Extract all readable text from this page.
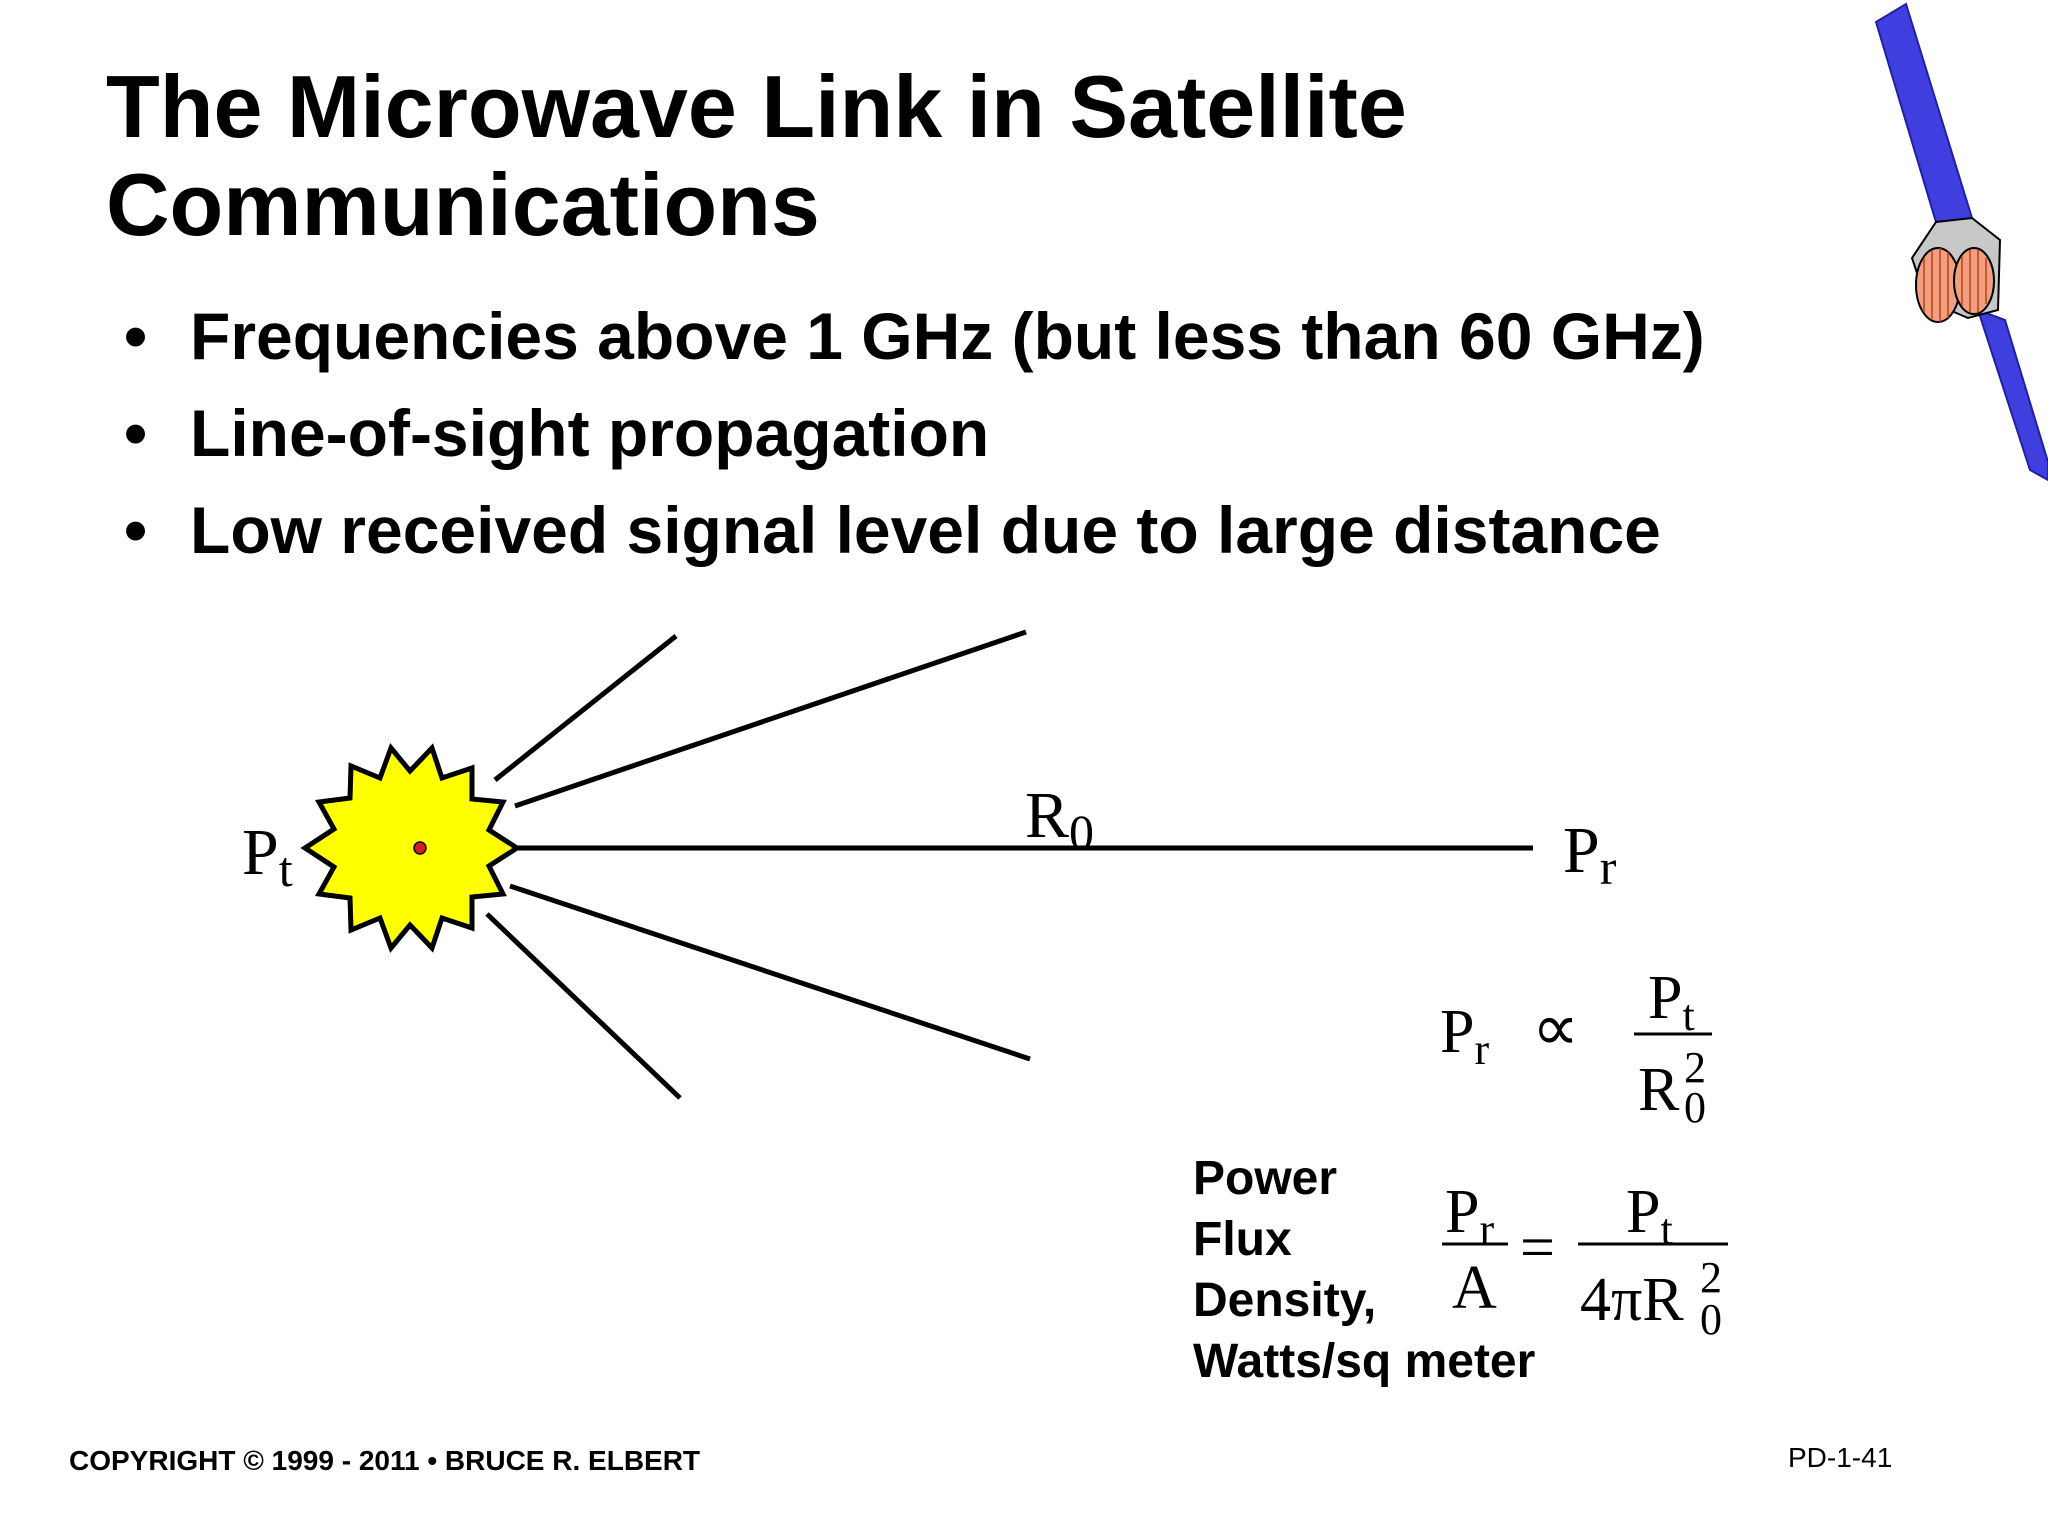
The Microwave Link in Satellite Communications
• Frequencies above 1 GHz (but less than 60 GHz)
• Line-of-sight propagation
• Low received signal level due to large distance
$P_t$
$R_0$	$P_r$
Pr ∝ Pt
R 2
0
Pr
A
=
Pt
4πR 2
0
Power
Flux
Density,
Watts/sq meter
COPYRIGHT © 1999 - 2011 • BRUCE R. ELBERT	PD-1-41
